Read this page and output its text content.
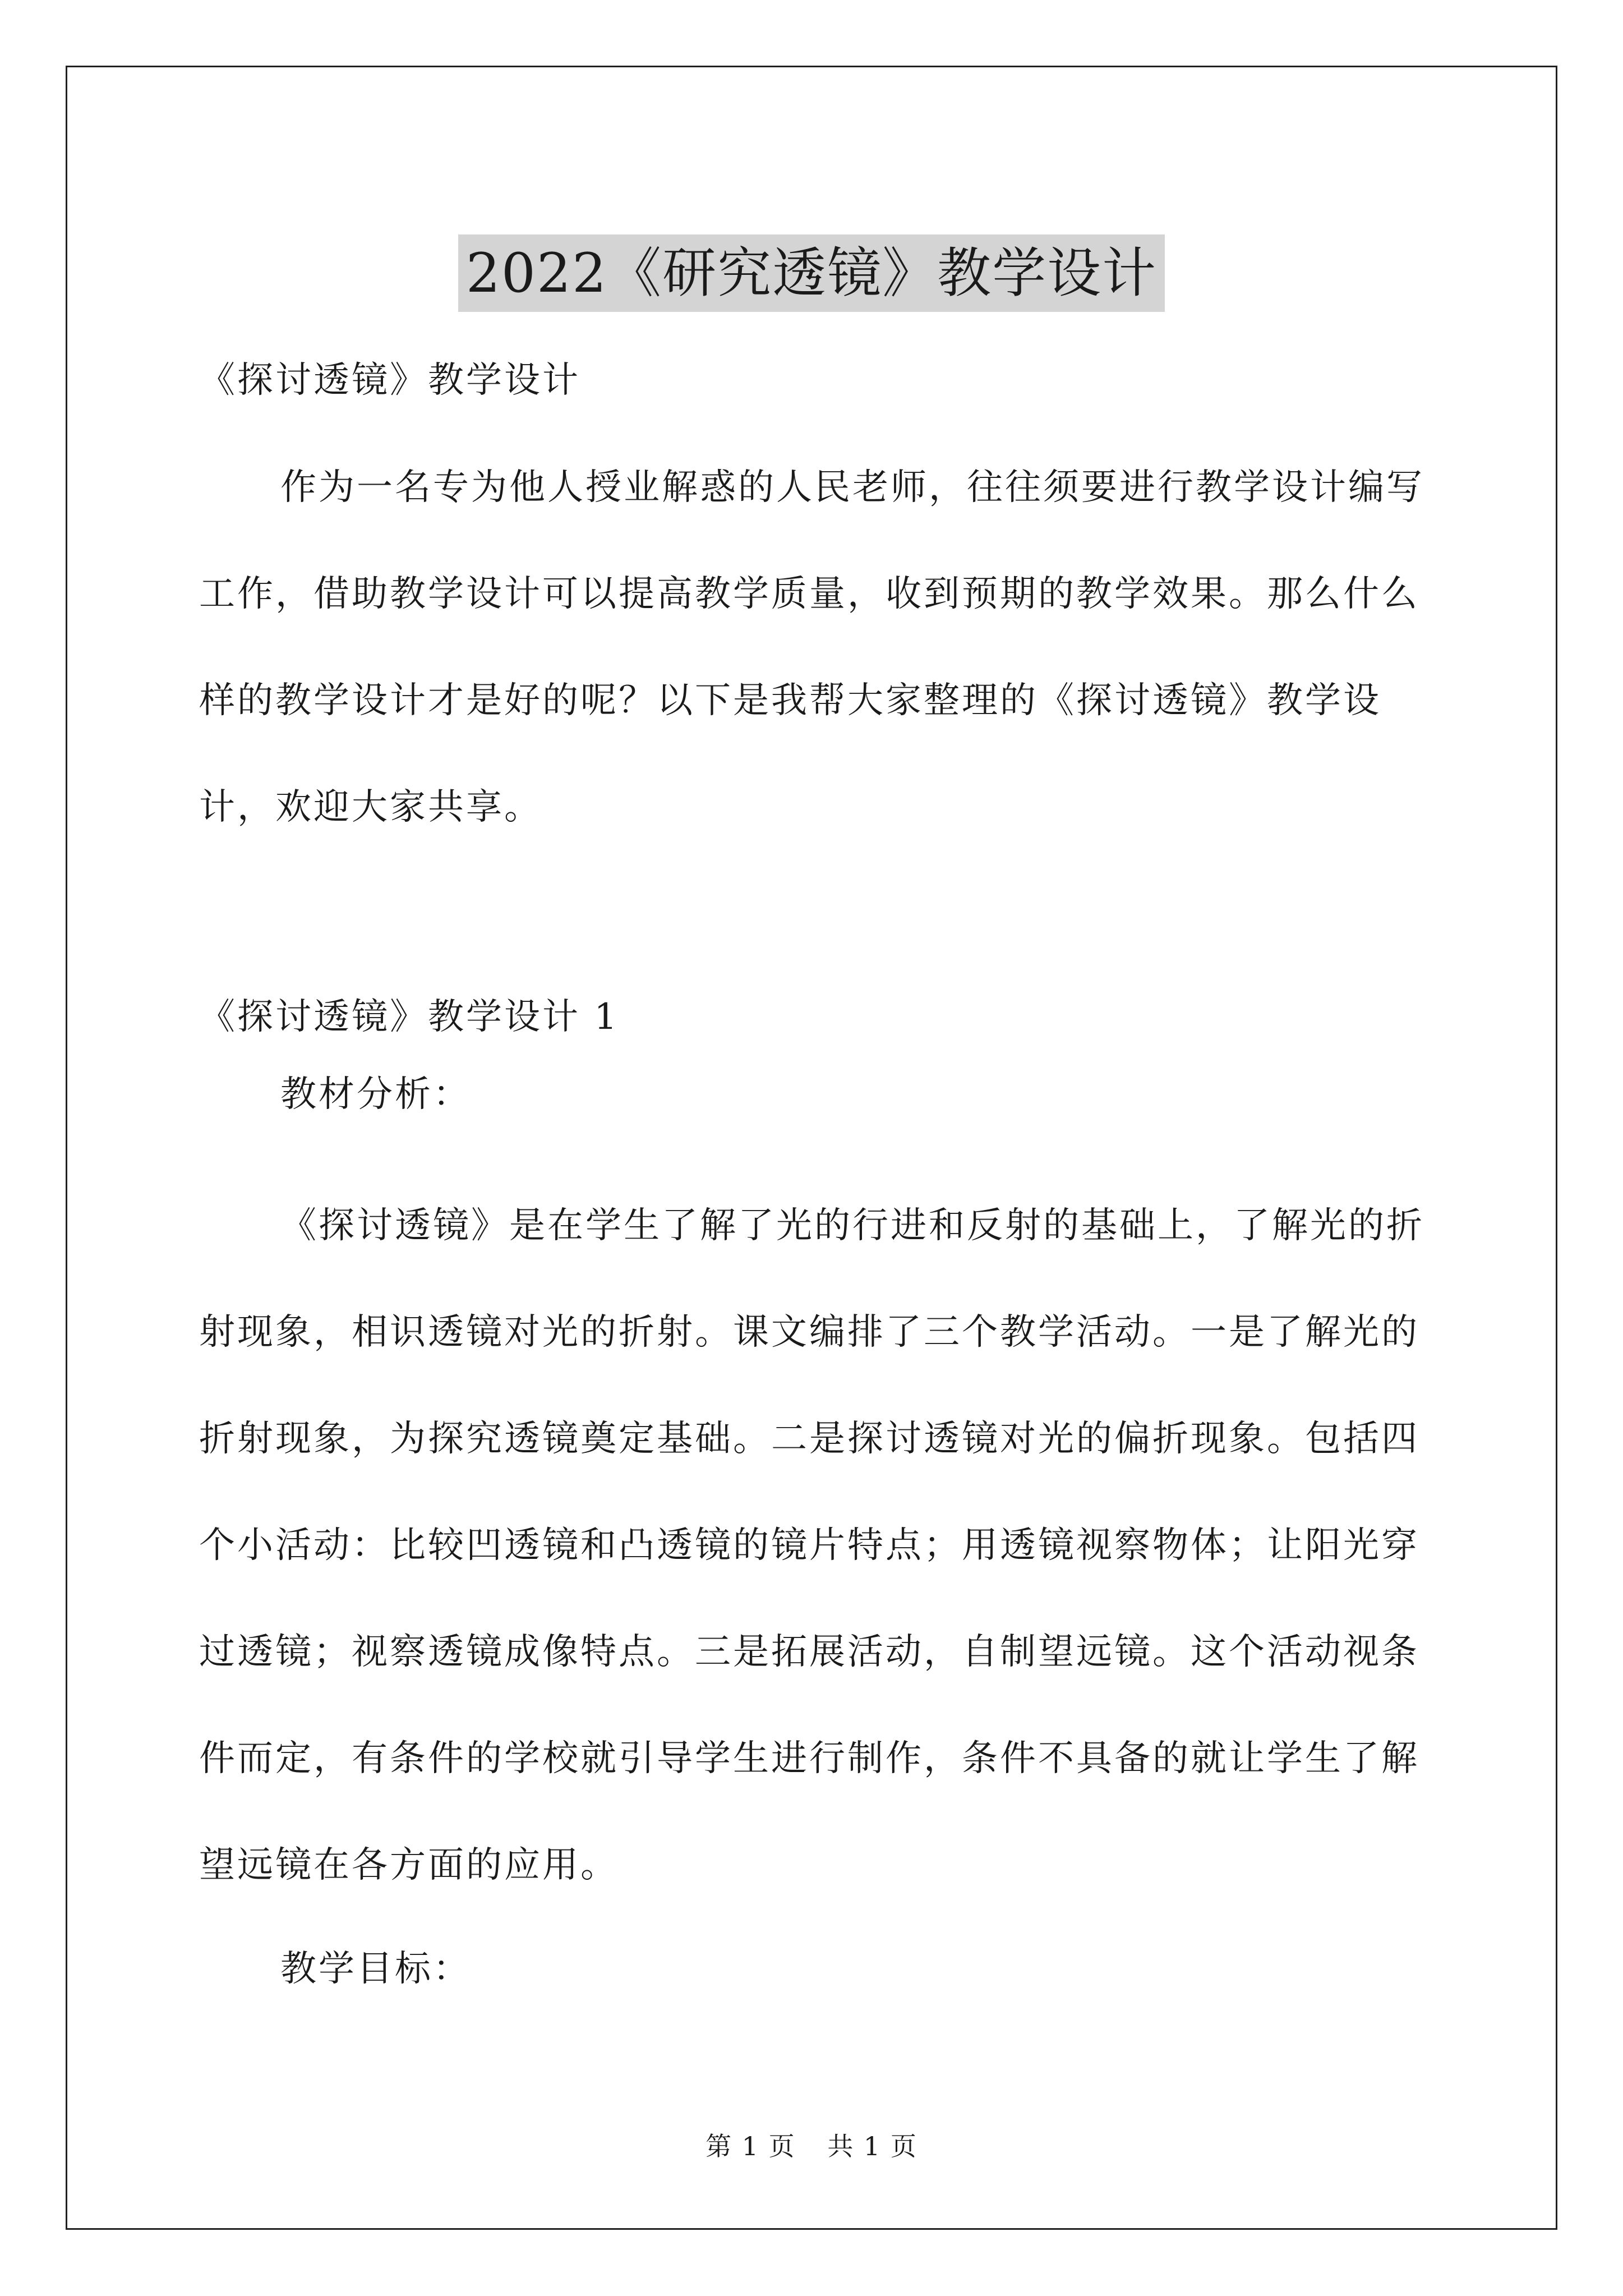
2022《研究透镜》教学设计
《探讨透镜》教学设计

作为一名专为他人授业解惑的人民老师，往往须要进行教学设计编写工作，借助教学设计可以提高教学质量，收到预期的教学效果。那么什么样的教学设计才是好的呢？以下是我帮大家整理的《探讨透镜》教学设计，欢迎大家共享。

《探讨透镜》教学设计 1
教材分析：

《探讨透镜》是在学生了解了光的行进和反射的基础上，了解光的折射现象，相识透镜对光的折射。课文编排了三个教学活动。一是了解光的折射现象，为探究透镜奠定基础。二是探讨透镜对光的偏折现象。包括四个小活动：比较凹透镜和凸透镜的镜片特点；用透镜视察物体；让阳光穿过透镜；视察透镜成像特点。三是拓展活动，自制望远镜。这个活动视条件而定，有条件的学校就引导学生进行制作，条件不具备的就让学生了解望远镜在各方面的应用。

教学目标：
第 1 页 共 1 页
